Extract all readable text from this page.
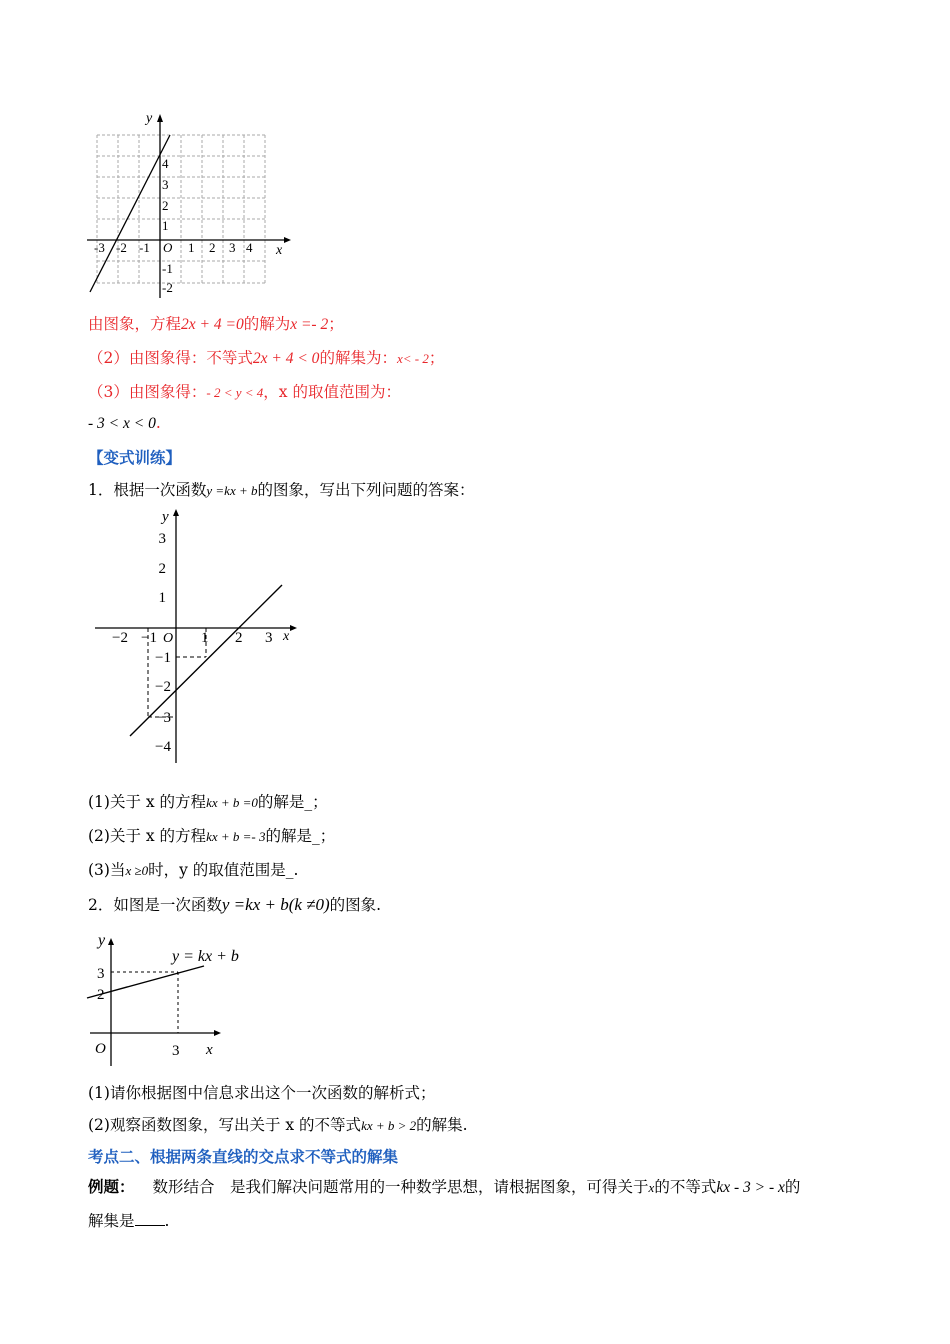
y
x
O
-3 -2 -1	1 2 3 4
4
3
2
1
-1
-2
由图象，方程2x + 4 =0的解为x =- 2；
（2）由图象得：不等式2x + 4 < 0的解集为：x< - 2；
（3）由图象得：- 2 < y < 4，x 的取值范围为：
- 3 < x < 0.
【变式训练】
1．根据一次函数y =kx + b的图象，写出下列问题的答案：
y
x
O
−2 −1	1 2 3
3
2
1
−1
−2
−3
−4
(1)关于 x 的方程kx + b =0的解是_；
(2)关于 x 的方程kx + b =- 3的解是_；
(3)当x ≥0时，y 的取值范围是_.
2．如图是一次函数y =kx + b(k ≠0)的图象.
y = kx + b
y
x
O	3
3
2
(1)请你根据图中信息求出这个一次函数的解析式；
(2)观察函数图象，写出关于 x 的不等式kx + b > 2的解集.
考点二、根据两条直线的交点求不等式的解集
例题： 数形结合　是我们解决问题常用的一种数学思想，请根据图象，可得关于x的不等式kx - 3 > - x的
解集是 .
